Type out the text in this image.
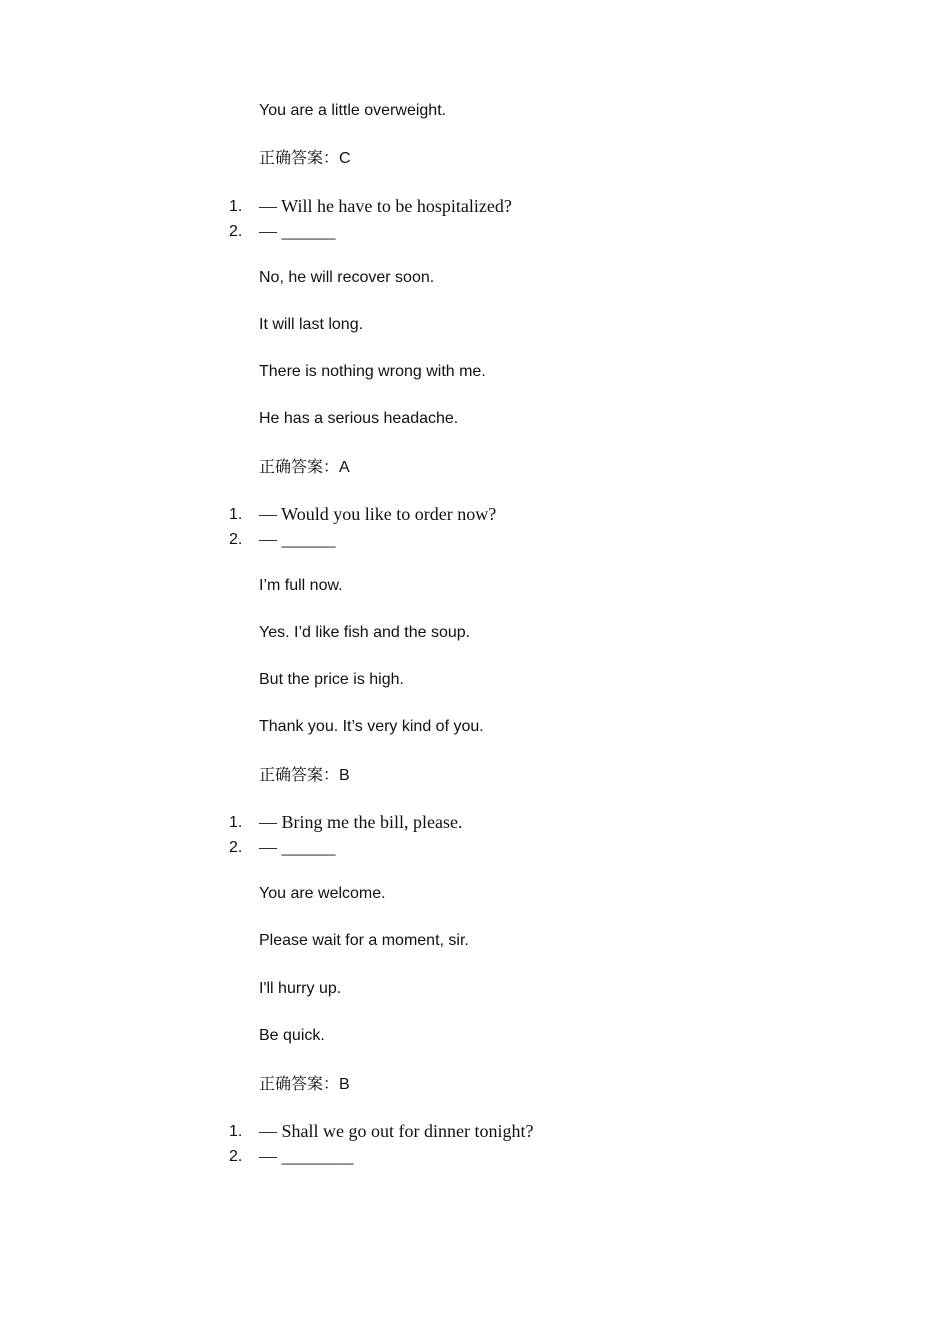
You are a little overweight.
正确答案：C
1. — Will he have to be hospitalized?
2. — ______
No, he will recover soon.
It will last long.
There is nothing wrong with me.
He has a serious headache.
正确答案：A
1. — Would you like to order now?
2. — ______
I’m full now.
Yes. I’d like fish and the soup.
But the price is high.
Thank you. It’s very kind of you.
正确答案：B
1. — Bring me the bill, please.
2. — ______
You are welcome.
Please wait for a moment, sir.
I'll hurry up.
Be quick.
正确答案：B
1. — Shall we go out for dinner tonight?
2. — ________
